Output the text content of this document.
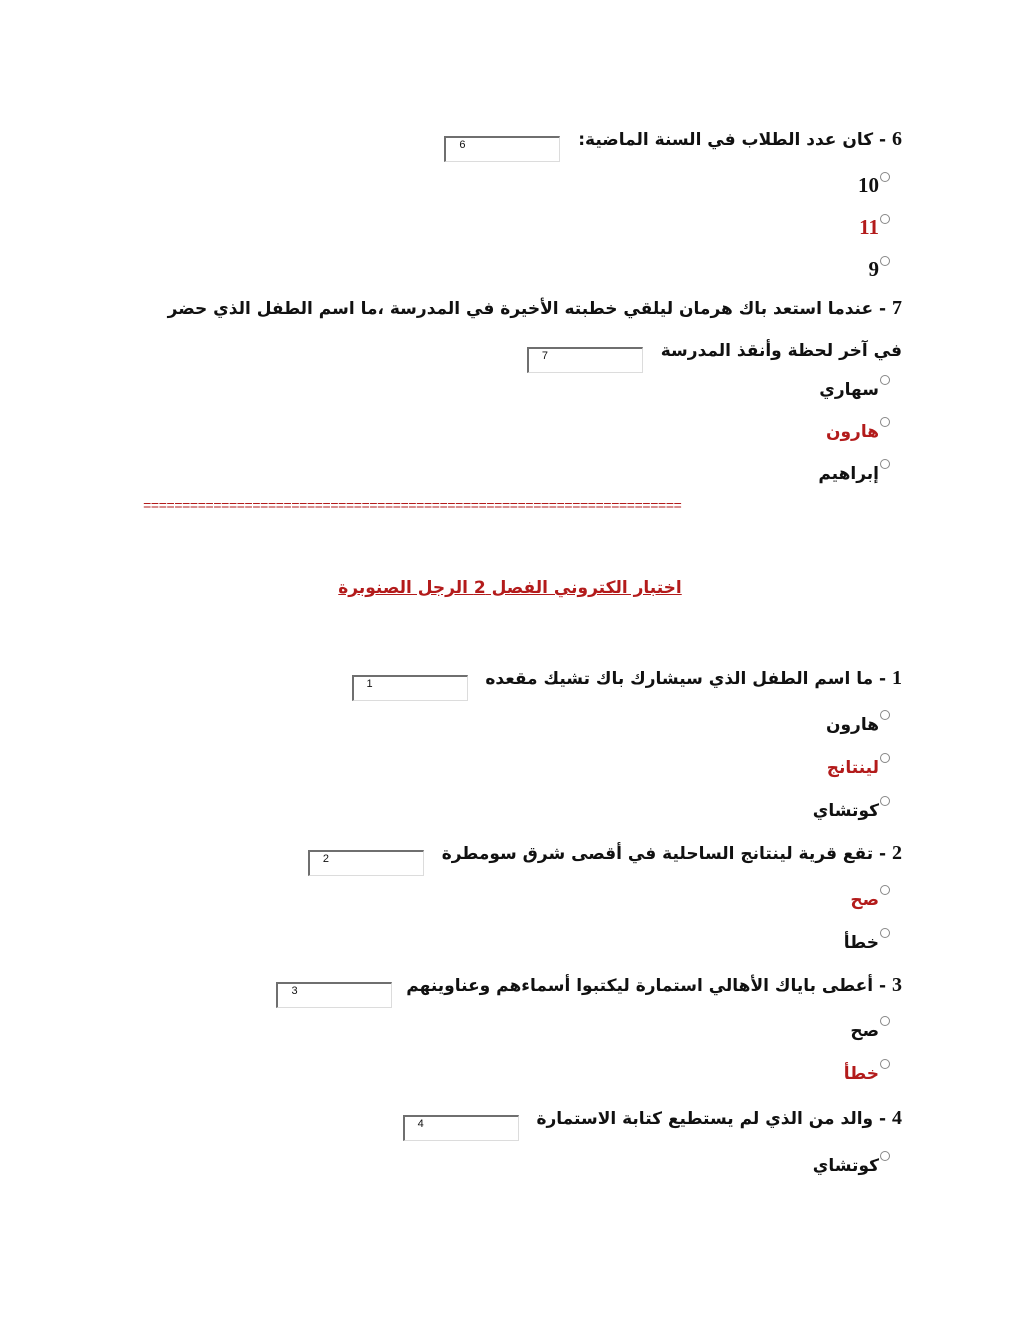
6 - كان عدد الطلاب في السنة الماضية:  6
10
11
9
7 - عندما استعد باك هرمان ليلقي خطبته الأخيرة في المدرسة ،ما اسم الطفل الذي حضر في آخر لحظة وأنقذ المدرسة  7
سهاري
هارون
إبراهيم
=====================================================================
اختبار الكتروني الفصل 2 الرجل الصنوبرة
1 - ما اسم الطفل الذي سيشارك باك تشيك مقعده  1
هارون
لينتانج
كوتشاي
2 - تقع قرية لينتانج الساحلية في أقصى شرق سومطرة  2
صح
خطأ
3 - أعطى باياك الأهالي استمارة ليكتبوا أسماءهم وعناوينهم  3
صح
خطأ
4 - والد من الذي لم يستطيع كتابة الاستمارة  4
كوتشاي
